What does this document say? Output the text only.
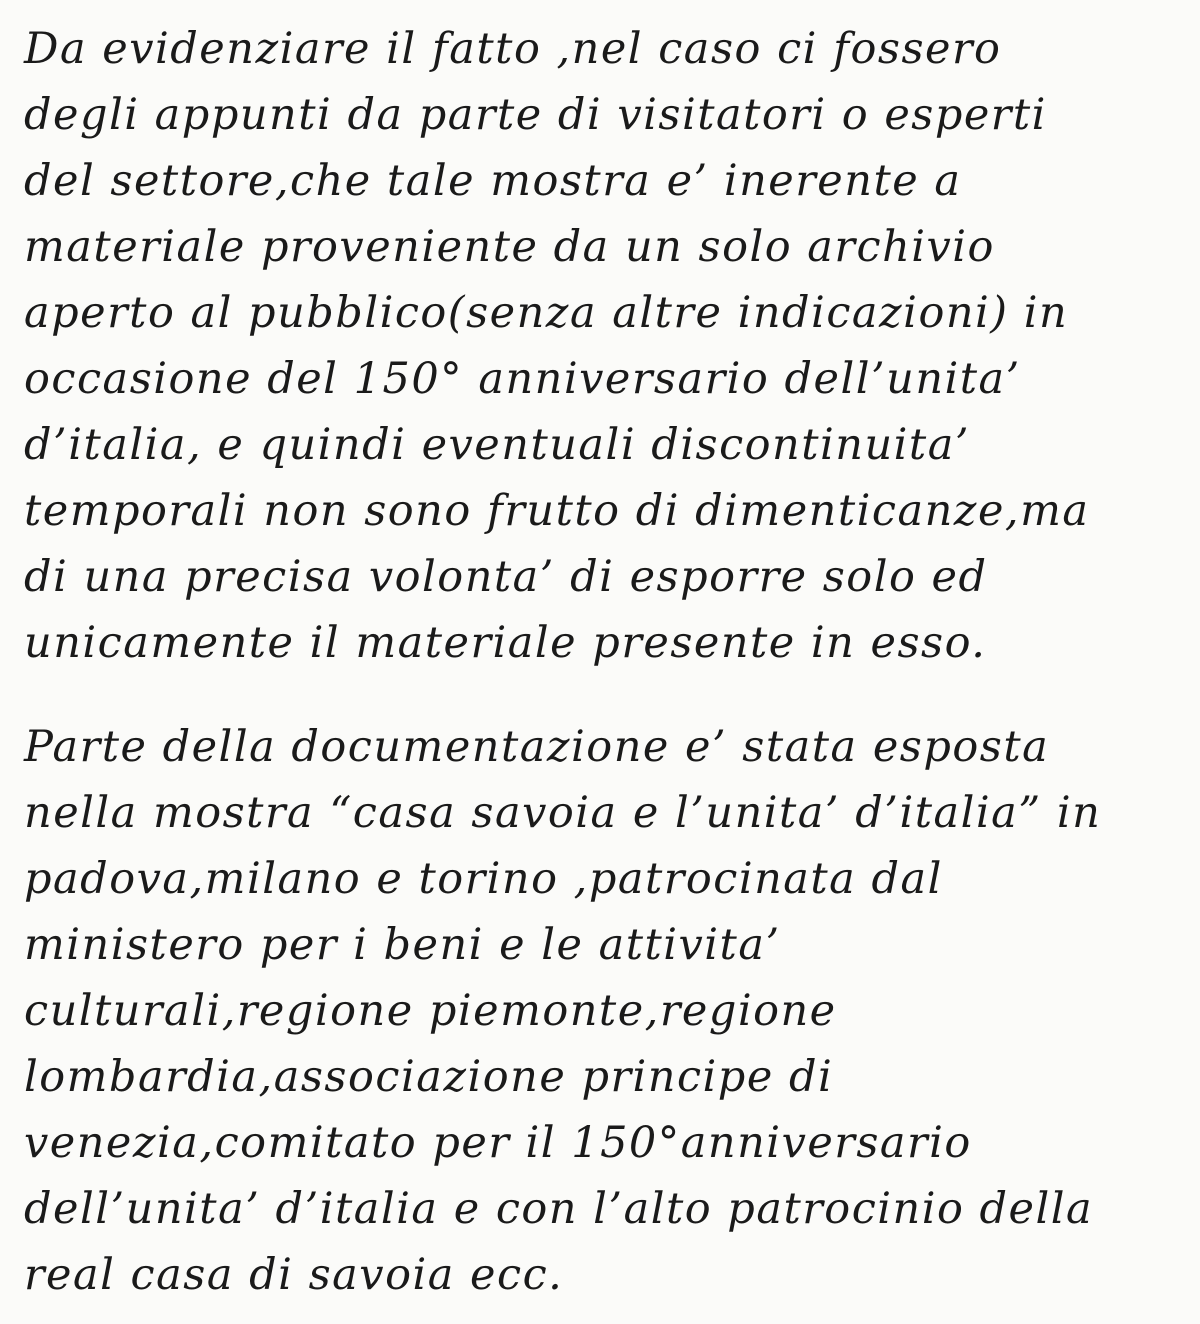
Da evidenziare il fatto ,nel caso ci fossero
degli appunti da parte di visitatori o esperti
del settore,che tale mostra e’ inerente a
materiale proveniente da un solo archivio
aperto al pubblico(senza altre indicazioni) in
occasione del 150° anniversario dell’unita’
d’italia, e quindi eventuali discontinuita’
temporali non sono frutto di dimenticanze,ma
di una precisa volonta’ di esporre solo ed
unicamente il materiale presente in esso.
Parte della documentazione e’ stata esposta
nella mostra “casa savoia e l’unita’ d’italia” in
padova,milano e torino ,patrocinata dal
ministero per i beni e le attivita’
culturali,regione piemonte,regione
lombardia,associazione principe di
venezia,comitato per il 150°anniversario
dell’unita’ d’italia e con l’alto patrocinio della
real casa di savoia ecc.
